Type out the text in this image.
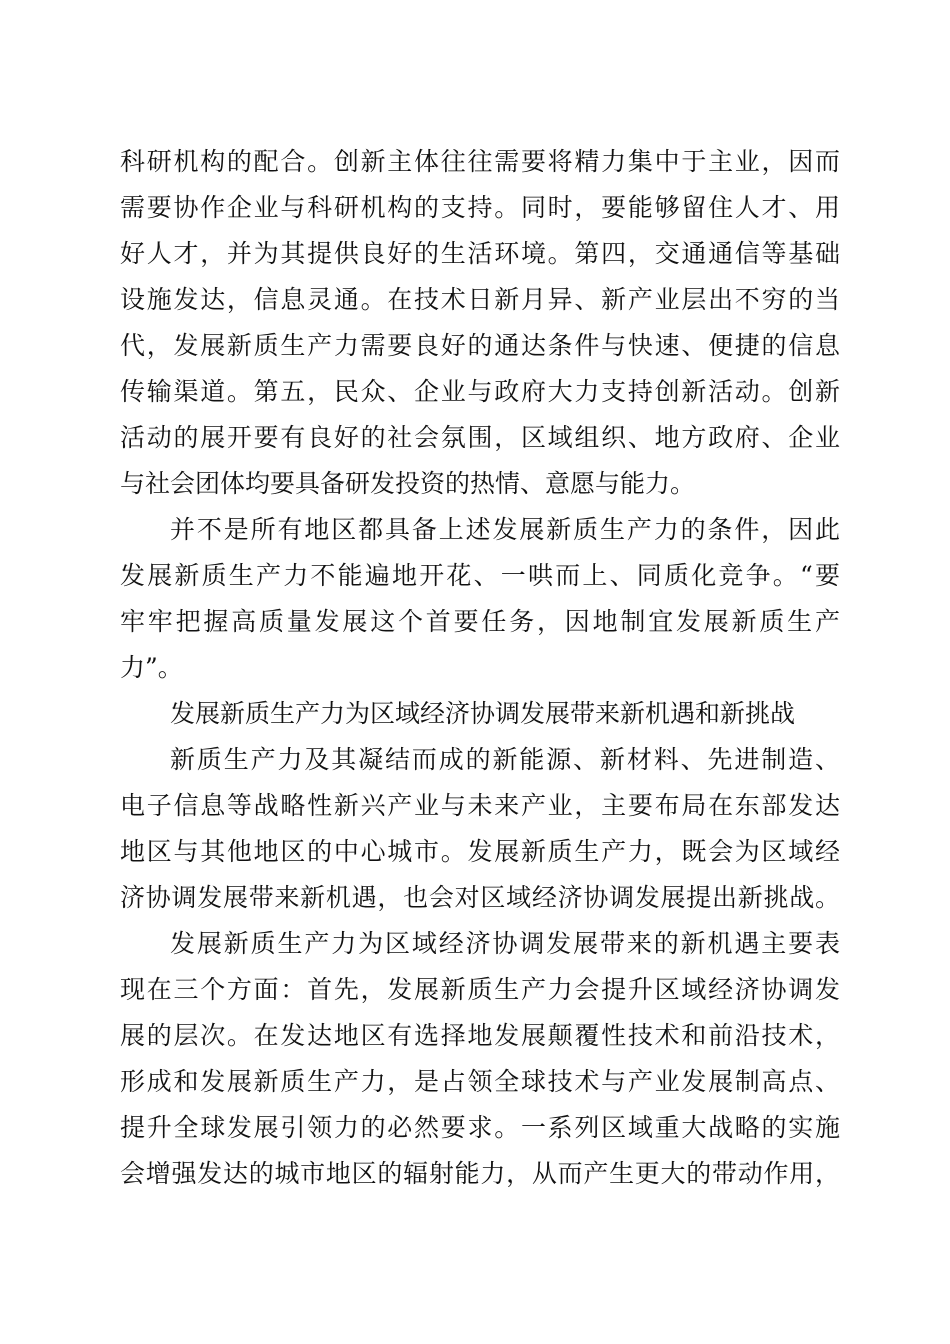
科研机构的配合。创新主体往往需要将精力集中于主业，因而
需要协作企业与科研机构的支持。同时，要能够留住人才、用
好人才，并为其提供良好的生活环境。第四，交通通信等基础
设施发达，信息灵通。在技术日新月异、新产业层出不穷的当
代，发展新质生产力需要良好的通达条件与快速、便捷的信息
传输渠道。第五，民众、企业与政府大力支持创新活动。创新
活动的展开要有良好的社会氛围，区域组织、地方政府、企业
与社会团体均要具备研发投资的热情、意愿与能力。
并不是所有地区都具备上述发展新质生产力的条件，因此
发展新质生产力不能遍地开花、一哄而上、同质化竞争。“要
牢牢把握高质量发展这个首要任务，因地制宜发展新质生产
力”。
发展新质生产力为区域经济协调发展带来新机遇和新挑战
新质生产力及其凝结而成的新能源、新材料、先进制造、
电子信息等战略性新兴产业与未来产业，主要布局在东部发达
地区与其他地区的中心城市。发展新质生产力，既会为区域经
济协调发展带来新机遇，也会对区域经济协调发展提出新挑战。
发展新质生产力为区域经济协调发展带来的新机遇主要表
现在三个方面：首先，发展新质生产力会提升区域经济协调发
展的层次。在发达地区有选择地发展颠覆性技术和前沿技术，
形成和发展新质生产力，是占领全球技术与产业发展制高点、
提升全球发展引领力的必然要求。一系列区域重大战略的实施
会增强发达的城市地区的辐射能力，从而产生更大的带动作用，
